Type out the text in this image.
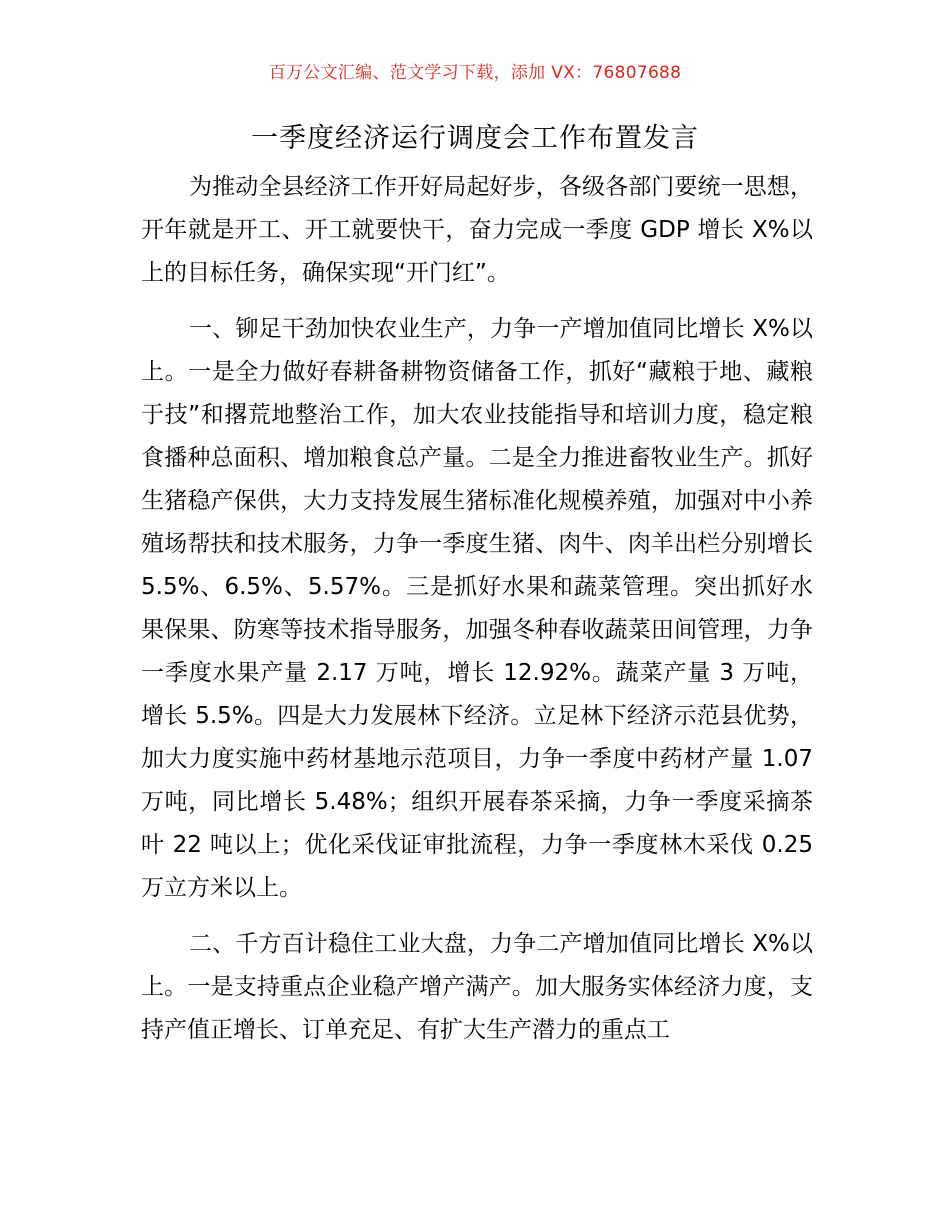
百万公文汇编、范文学习下载，添加 VX：76807688
一季度经济运行调度会工作布置发言

为推动全县经济工作开好局起好步，各级各部门要统一思想，开年就是开工、开工就要快干，奋力完成一季度 GDP 增长 X%以上的目标任务，确保实现“开门红”。

一、铆足干劲加快农业生产，力争一产增加值同比增长 X%以上。一是全力做好春耕备耕物资储备工作，抓好“藏粮于地、藏粮于技”和撂荒地整治工作，加大农业技能指导和培训力度，稳定粮食播种总面积、增加粮食总产量。二是全力推进畜牧业生产。抓好生猪稳产保供，大力支持发展生猪标准化规模养殖，加强对中小养殖场帮扶和技术服务，力争一季度生猪、肉牛、肉羊出栏分别增长 5.5%、6.5%、5.57%。三是抓好水果和蔬菜管理。突出抓好水果保果、防寒等技术指导服务，加强冬种春收蔬菜田间管理，力争一季度水果产量 2.17 万吨，增长 12.92%。蔬菜产量 3 万吨，增长 5.5%。四是大力发展林下经济。立足林下经济示范县优势，加大力度实施中药材基地示范项目，力争一季度中药材产量 1.07 万吨，同比增长 5.48%；组织开展春茶采摘，力争一季度采摘茶叶 22 吨以上；优化采伐证审批流程，力争一季度林木采伐 0.25 万立方米以上。

二、千方百计稳住工业大盘，力争二产增加值同比增长 X%以上。一是支持重点企业稳产增产满产。加大服务实体经济力度，支持产值正增长、订单充足、有扩大生产潜力的重点工
